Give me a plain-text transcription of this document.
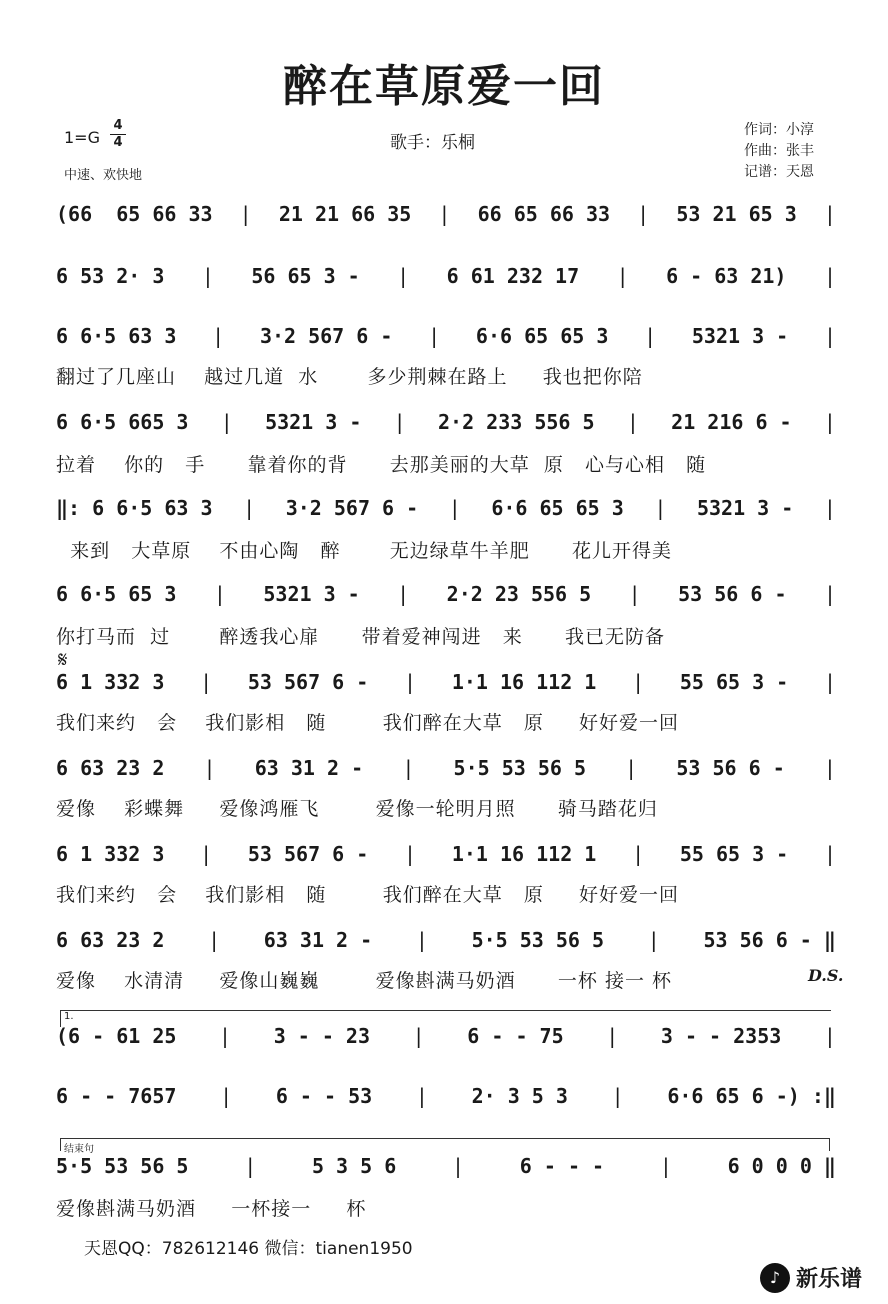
醉在草原爱一回
1=G
4
4
中速、欢快地
歌手：乐桐
作词：小淳
作曲：张丰
记谱：天恩
(66  65 66 33 | 21 21 66 35 | 66 65 66 33 | 53 21 65 3 |
6 53 2· 3 | 56 65 3 - | 6 61 232 17 | 6 - 63 21) |
6 6·5 63 3 | 3·2 567 6 - | 6·6 65 65 3 | 5321 3 - |
翻过了几座山    越过几道  水       多少荆棘在路上     我也把你陪
6 6·5 665 3 | 5321 3 - | 2·2 233 556 5 | 21 216 6 - |
拉着    你的   手      靠着你的背      去那美丽的大草  原   心与心相   随
‖: 6 6·5 63 3 | 3·2 567 6 - | 6·6 65 65 3 | 5321 3 - |
来到   大草原    不由心陶   醉       无边绿草牛羊肥      花儿开得美
6 6·5 65 3 | 5321 3 - | 2·2 23 556 5 | 53 56 6 - |
你打马而  过       醉透我心扉      带着爱神闯进   来      我已无防备
𝄋
6 1 332 3 | 53 567 6 - | 1·1 16 112 1 | 55 65 3 - |
我们来约   会    我们影相   随        我们醉在大草   原     好好爱一回
6 63 23 2 | 63 31 2 - | 5·5 53 56 5 | 53 56 6 - |
爱像    彩蝶舞     爱像鸿雁飞        爱像一轮明月照      骑马踏花归
6 1 332 3 | 53 567 6 - | 1·1 16 112 1 | 55 65 3 - |
我们来约   会    我们影相   随        我们醉在大草   原     好好爱一回
6 63 23 2 | 63 31 2 - | 5·5 53 56 5 | 53 56 6 - ‖
爱像    水清清     爱像山巍巍        爱像斟满马奶酒      一杯 接一 杯	D.S.
1.
(6 - 61 25 | 3 - - 23 | 6 - - 75 | 3 - - 2353 |
6 - - 7657 | 6 - - 53 | 2· 3 5 3 | 6·6 65 6 -) :‖
结束句
5·5 53 56 5	|	5 3 5 6	|	6 - - -	|	6 0 0 0 ‖
爱像斟满马奶酒     一杯接一     杯
天恩QQ：782612146 微信：tianen1950
♪ 新乐谱
